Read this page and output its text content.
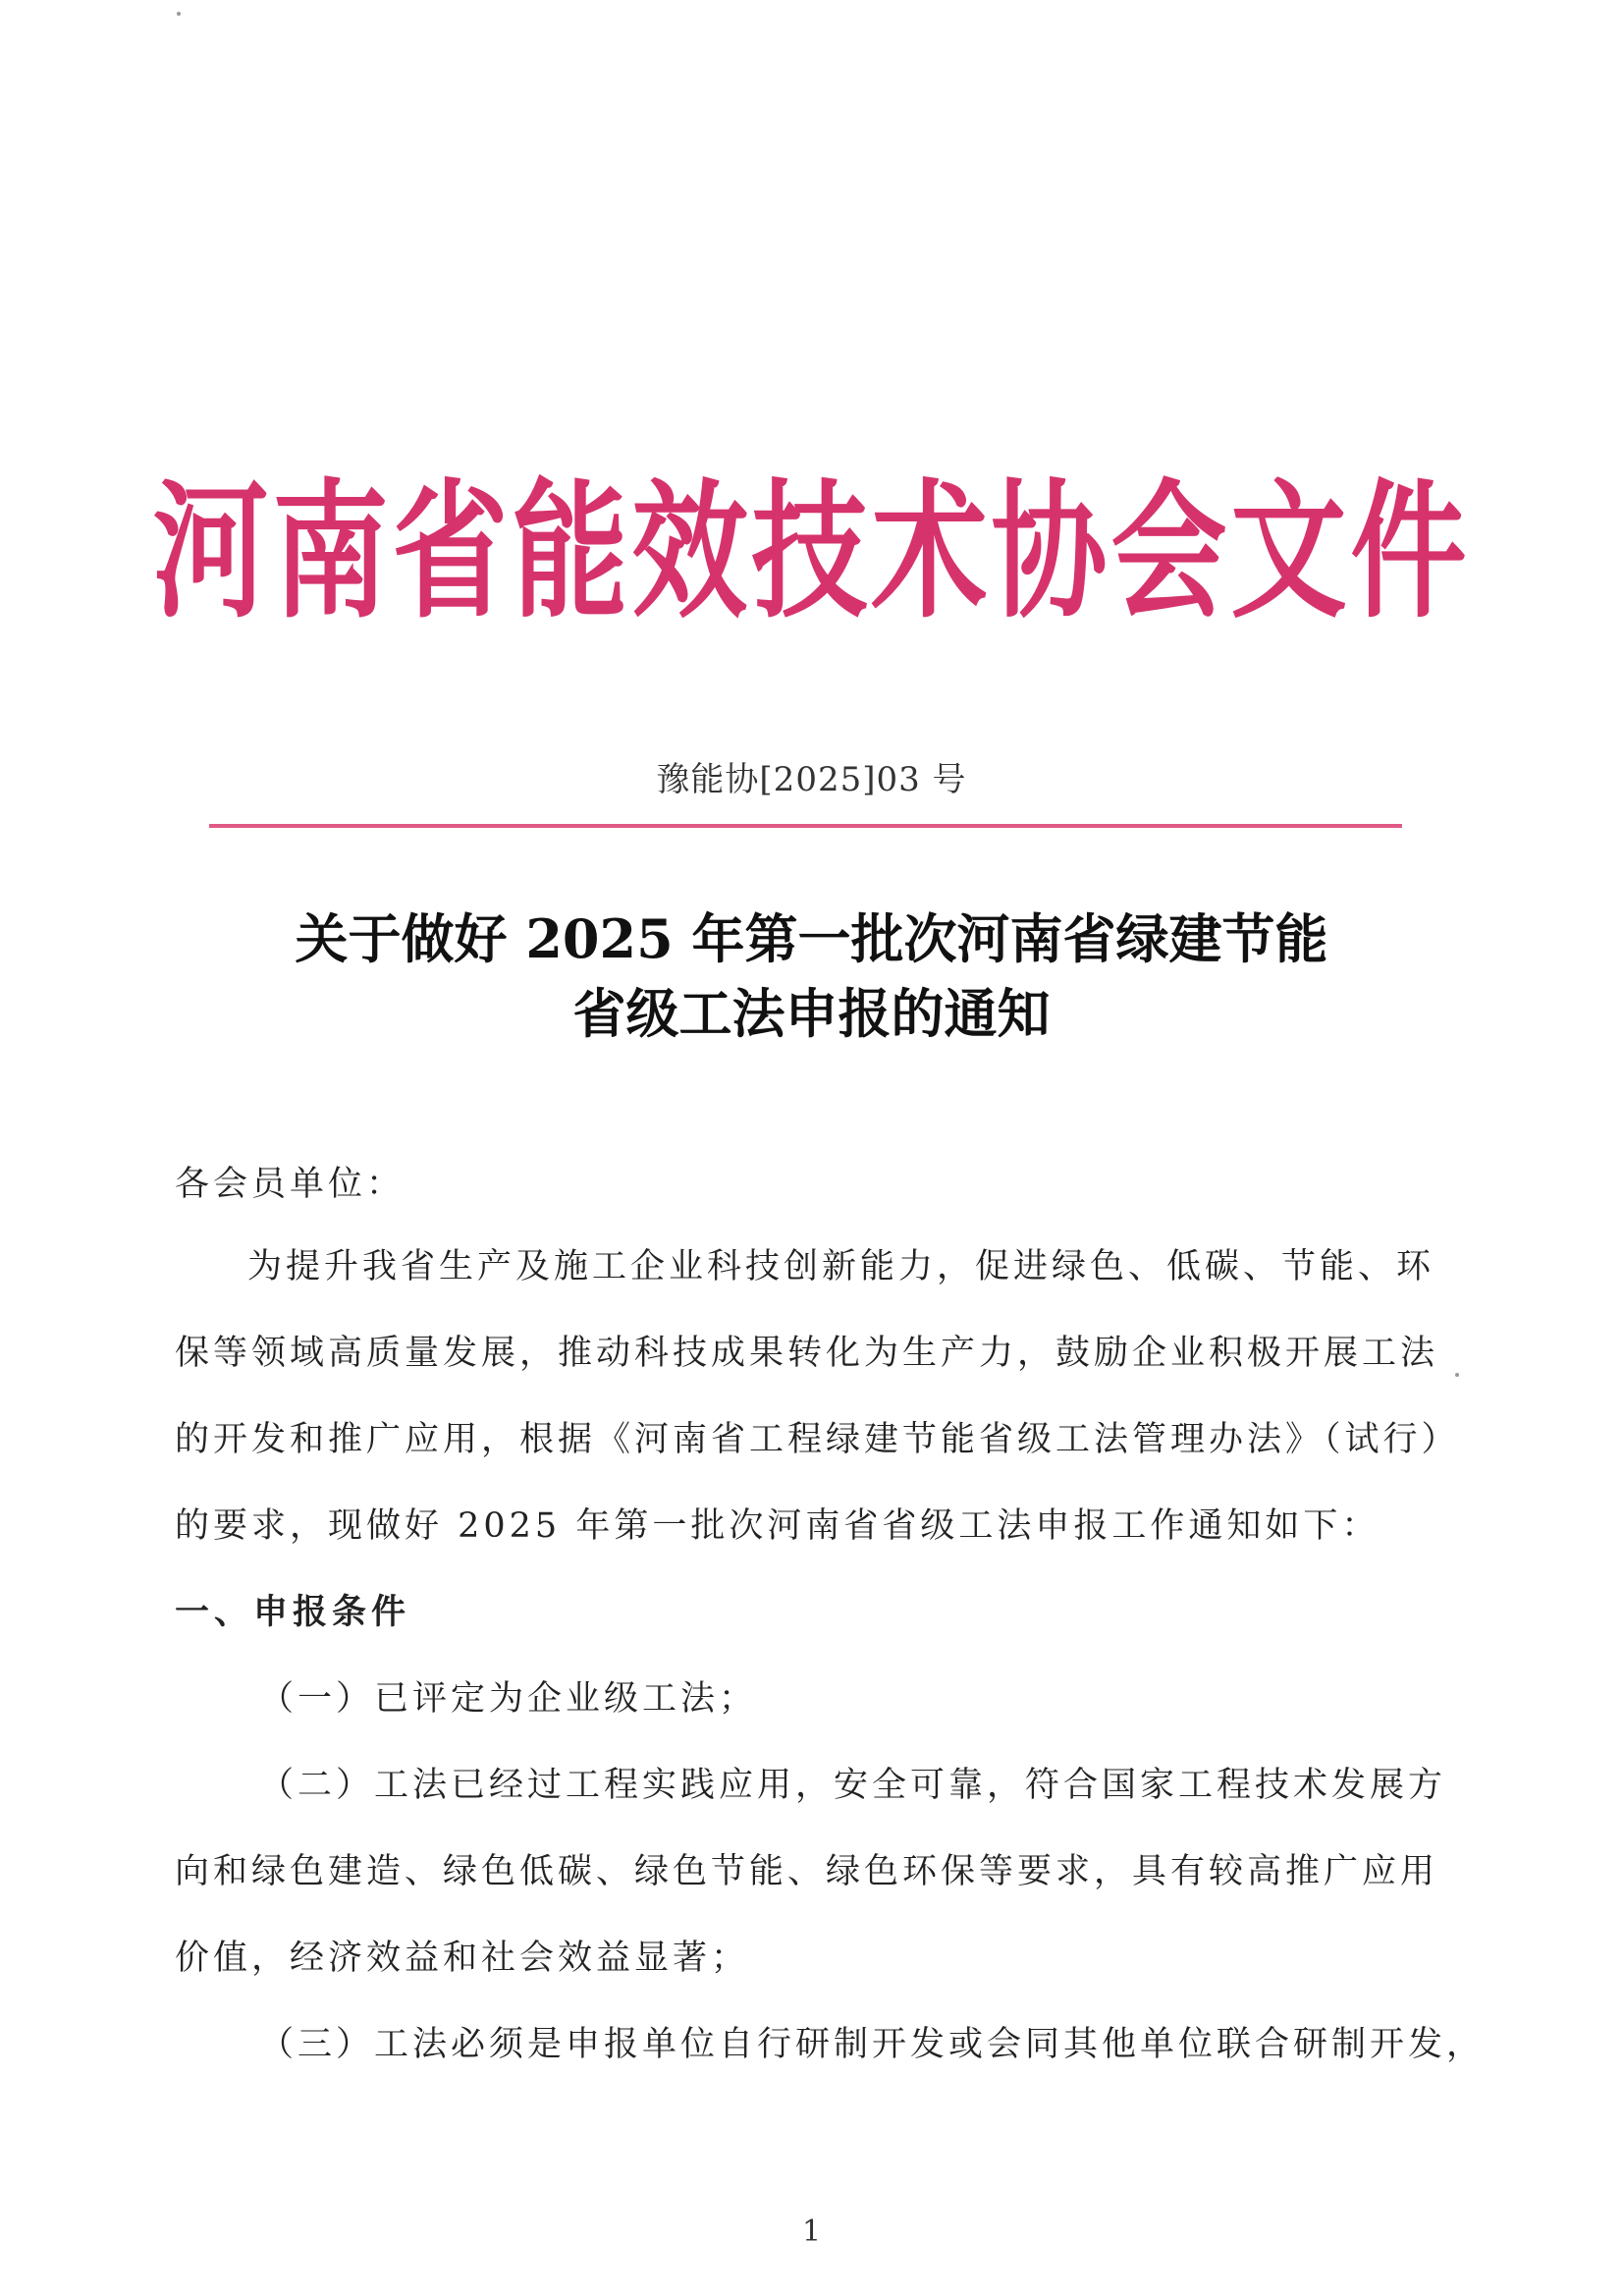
河南省能效技术协会文件
豫能协[2025]03 号
关于做好 2025 年第一批次河南省绿建节能
省级工法申报的通知
各会员单位：
为提升我省生产及施工企业科技创新能力，促进绿色、低碳、节能、环
保等领域高质量发展，推动科技成果转化为生产力，鼓励企业积极开展工法
的开发和推广应用，根据《河南省工程绿建节能省级工法管理办法》（试行）
的要求，现做好 2025 年第一批次河南省省级工法申报工作通知如下：
一、申报条件
（一）已评定为企业级工法；
（二）工法已经过工程实践应用，安全可靠，符合国家工程技术发展方
向和绿色建造、绿色低碳、绿色节能、绿色环保等要求，具有较高推广应用
价值，经济效益和社会效益显著；
（三）工法必须是申报单位自行研制开发或会同其他单位联合研制开发，
1
